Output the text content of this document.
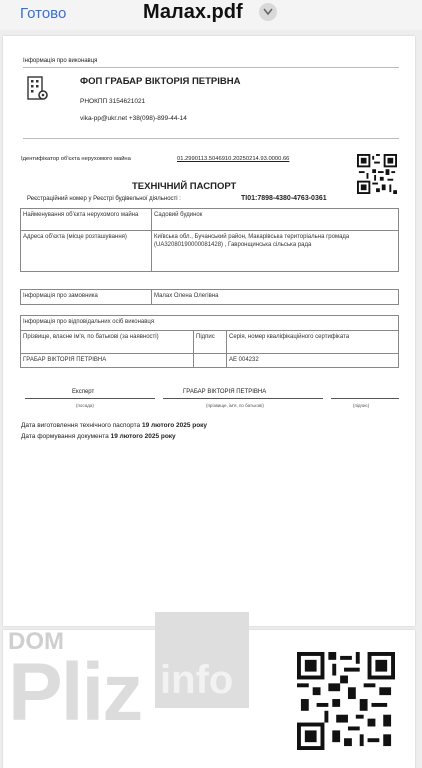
Готово	Малах.pdf
Інформація про виконавця
ФОП ГРАБАР ВІКТОРІЯ ПЕТРІВНА
РНОКПП 3154621021
vika-pp@ukr.net +38(098)-899-44-14
Ідентифікатор об'єкта нерухомого майна	01.2990113.5046910.20250214.93.0000.66
ТЕХНІЧНИЙ ПАСПОРТ
Реєстраційний номер у Реєстрі будівельної діяльності :	ТІ01:7898-4380-4763-0361
Найменування об'єкта нерухомого майна	Садовий будинок
Адреса об'єкта (місце розташування)	Київська обл., Бучанський район, Макарівська територіальна громада (UA32080190000081428) , Гавронщинська сільська рада
Інформація про замовника	Малах Олена Олегівна
Інформація про відповідальних осіб виконавця		
Прізвище, власне ім'я, по батькові (за наявності)	Підпис	Серія, номер кваліфікаційного сертифіката
ГРАБАР ВІКТОРІЯ ПЕТРІВНА		АЕ 004232
Експерт	ГРАБАР ВІКТОРІЯ ПЕТРІВНА
(посада)	(прізвище, ім'я, по батькові)	(підпис)
Дата виготовлення технічного паспорта 19 лютого 2025 року
Дата формування документа 19 лютого 2025 року
DOM
Pliz info
